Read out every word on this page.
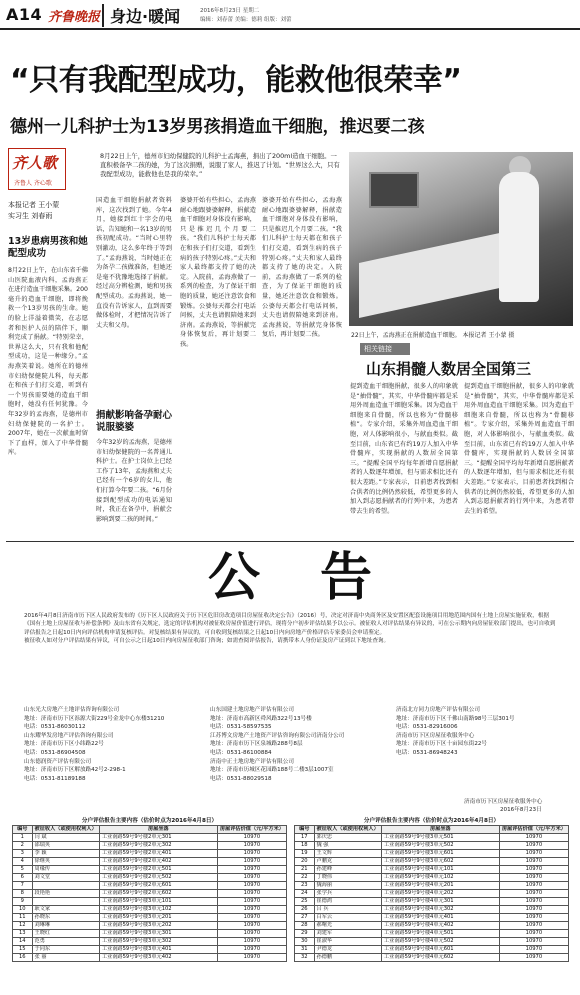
A14 齐鲁晚报 身边·暖闻	2016年8月23日 星期二
编辑：刘春蕾 美编：德莉 组版：刘蕾
“只有我配型成功，能救他很荣幸”
德州一儿科护士为13岁男孩捐造血干细胞，推迟要二孩
齐人歌
齐鲁人 齐心歌
8月22日上午，德州市妇幼保健院的儿科护士孟海燕，捐出了200ml造血干细胞。一直积极备孕二孩的她，为了这次捐赠，说服了家人，推迟了计划。“世界这么大，只有我配型成功，能救他也是我的荣幸。”
本报记者 王小蒙
实习生 刘春雨
13岁患病男孩和她配型成功
8月22日上午，在山东省千佛山医院血液内科，孟海燕正在进行造血干细胞采集。200毫升的造血干细胞，即将挽救一个13岁男孩的生命。她的脸上洋溢着微笑，在志愿者和医护人员的陪伴下，顺利完成了捐献。“特别荣幸，世界这么大，只有我和他配型成功，这是一种缘分。”孟海燕笑着说。她所在的德州市妇幼保健院儿科，每天都在和孩子们打交道，听到有一个男孩需要她的造血干细胞时，她没有任何犹豫。今年32岁的孟海燕，是德州市妇幼保健院的一名护士。2007年，她在一次献血时留下了血样，加入了中华骨髓库。
国造血干细胞捐献者资料库，这次找到了她。今年4月，她接到红十字会的电话，告知她和一名13岁的男孩初配成功。“当时心里特别激动，这么多年终于等到了。”孟海燕说，当时她正在为备孕二孩做准备，但她还是毫不犹豫地选择了捐献。经过高分辨检测，她和男孩配型成功。孟海燕说，她一直没有告诉家人，直到需要做体检时，才把情况告诉了丈夫和父母。
捐献影响备孕耐心说服婆婆
今年32岁的孟海燕，是德州市妇幼保健院的一名普通儿科护士。在护士岗位上已经工作了13年，孟海燕和丈夫已经有一个6岁的女儿，他们打算今年要二孩。“6月份接到配型成功的电话通知时，我正在备孕中，捐献会影响到要二孩的时间。”
婆婆开始有些担心，孟海燕耐心地跟婆婆解释，捐献造血干细胞对身体没有影响，只是推迟几个月要二孩。“我们儿科护士每天都在和孩子们打交道，看到生病的孩子特别心疼。”丈夫和家人最终都支持了她的决定。入院前，孟海燕做了一系列的检查，为了保证干细胞的质量，她还注意饮食和锻炼。公婆每天都会打电话问候，丈夫也请假陪她来到济南。孟海燕说，等捐献完身体恢复后，再计划要二孩。
婆婆开始有些担心，孟海燕耐心地跟婆婆解释，捐献造血干细胞对身体没有影响，只是推迟几个月要二孩。“我们儿科护士每天都在和孩子们打交道，看到生病的孩子特别心疼。”丈夫和家人最终都支持了她的决定。入院前，孟海燕做了一系列的检查，为了保证干细胞的质量，她还注意饮食和锻炼。公婆每天都会打电话问候，丈夫也请假陪她来到济南。孟海燕说，等捐献完身体恢复后，再计划要二孩。	22日上午，孟海燕正在捐献造血干细胞。 本报记者 王小蒙 摄
相关链接
山东捐髓人数居全国第三
提到造血干细胞捐献，很多人的印象就是“抽骨髓”，其实，中华骨髓库都是采用外周血造血干细胞采集。因为造血干细胞来自骨髓，所以也称为“骨髓移植”。专家介绍，采集外周血造血干细胞，对人体影响很小，与献血类似。截至目前，山东省已有约19万人加入中华骨髓库，实现捐献的人数居全国第三。“提醒全国平均每年新增自愿捐献者的人数逐年增加，但与需求相比还有很大差距。”专家表示，目前患者找到相合供者的比例仍然较低，希望更多的人加入到志愿捐献者的行列中来，为患者带去生的希望。
提到造血干细胞捐献，很多人的印象就是“抽骨髓”，其实，中华骨髓库都是采用外周血造血干细胞采集。因为造血干细胞来自骨髓，所以也称为“骨髓移植”。专家介绍，采集外周血造血干细胞，对人体影响很小，与献血类似。截至目前，山东省已有约19万人加入中华骨髓库，实现捐献的人数居全国第三。“提醒全国平均每年新增自愿捐献者的人数逐年增加，但与需求相比还有很大差距。”专家表示，目前患者找到相合供者的比例仍然较低，希望更多的人加入到志愿捐献者的行列中来，为患者带去生的希望。
公告

2016年4月8日济南市历下区人民政府发布的《历下区人民政府关于历下区危旧房改造项目房屋征收决定公告》（2016）号，决定对济南中央商务区及安置区配套设施项目用地范围内国有土地上房屋实施征收，根据《国有土地上房屋征收与补偿条例》及山东省有关规定，选定的评估机构对被征收房屋价值进行评估，现将分户初步评估结果予以公示。被征收人对评估结果有异议的，可在公示期内向房屋征收部门提出，也可自收到评估报告之日起10日内向评估机构申请复核评估。对复核结果有异议的，可自收到复核结果之日起10日内向房地产价格评估专家委员会申请鉴定。

被征收人如对分户评估结果有异议，可自公示之日起10日内向房屋征收部门咨询；如需查阅评估报告，请携带本人身份证及房产证到以下地址查询。

山东光大房地产土地评估咨询有限公司
地址：济南市历下区泺源大街229号金龙中心东楼31210
电话：0531-86030112
山东耀华发房地产评估咨询有限公司
地址：济南市历下区小纬路22号
电话：0531-86904508
山东德润资产评估有限公司
地址：济南市历下区解放路42号2-298-1
电话：0531-81189188
山东国建土地房地产评估有限公司
地址：济南市高新区舜风路322号13号楼
电话：0531-58597535
江苏博文房地产土地资产评估咨询有限公司济南分公司
地址：济南市历下区泉城路288号8层
电话：0531-86100884
济南中正土地房地产评估有限公司
地址：济南市历城区花园路188号二楼3层1007室
电话：0531-88029518
济南北方同力房地产评估有限公司
地址：济南市历下区千佛山南路98号三层301号
电话：0531-82916006
济南市历下区房屋征收服务中心
地址：济南市历下区十亩园东街22号
电话：0531-86948243
济南市历下区房屋征收服务中心
2016年8月23日
分户评估报告主要内容（估价时点为2016年4月8日）
编号	被征收人（或使用权利人）	房屋坐落	房屋评估价值（元/平方米）
1	闫 斌	工业南路59号9号楼2单元301	10970
2	邵瑞英	工业南路59号9号楼2单元302	10970
3	李 颖	工业南路59号9号楼2单元401	10970
4	徐继英	工业南路59号9号楼2单元402	10970
5	周缘传	工业南路59号9号楼2单元501	10970
6	刘文堂	工业南路59号9号楼2单元502	10970
7		工业南路59号9号楼2单元601	10970
8	段艳艳	工业南路59号9号楼2单元602	10970
9		工业南路59号9号楼3单元101	10970
10	耿文家	工业南路59号9号楼3单元102	10970
11	孙晓东	工业南路59号9号楼3单元201	10970
12	刘琳琳	工业南路59号9号楼3单元202	10970
13	王晓红	工业南路59号9号楼3单元301	10970
14	范勇	工业南路59号9号楼3单元302	10970
15	于同东	工业南路59号9号楼3单元401	10970
16	张 丽	工业南路59号9号楼3单元402	10970
分户评估报告主要内容（估价时点为2016年4月8日）
编号	被征收人（或使用权利人）	房屋坐落	房屋评估价值（元/平方米）
17	郭庆忠	工业南路59号9号楼3单元501	10970
18	魏 强	工业南路59号9号楼3单元502	10970
19	王文辉	工业南路59号9号楼3单元601	10970
20	卢鹏克	工业南路59号9号楼3单元602	10970
21	孙建峰	工业南路59号9号楼4单元101	10970
22	丁晓伟	工业南路59号9号楼4单元102	10970
23	魏海丽	工业南路59号9号楼4单元201	10970
24	张学兵	工业南路59号9号楼4单元202	10970
25	崔德鸿	工业南路59号9号楼4单元301	10970
26	吕 兵	工业南路59号9号楼4单元302	10970
27	白军云	工业南路59号9号楼4单元401	10970
28	郝曙光	工业南路59号9号楼4单元402	10970
29	刘建军	工业南路59号9号楼4单元501	10970
30	崔淑华	工业南路59号9号楼4单元502	10970
31	尹德龙	工业南路59号9号楼4单元601	10970
32	孙德鹏	工业南路59号9号楼4单元602	10970
